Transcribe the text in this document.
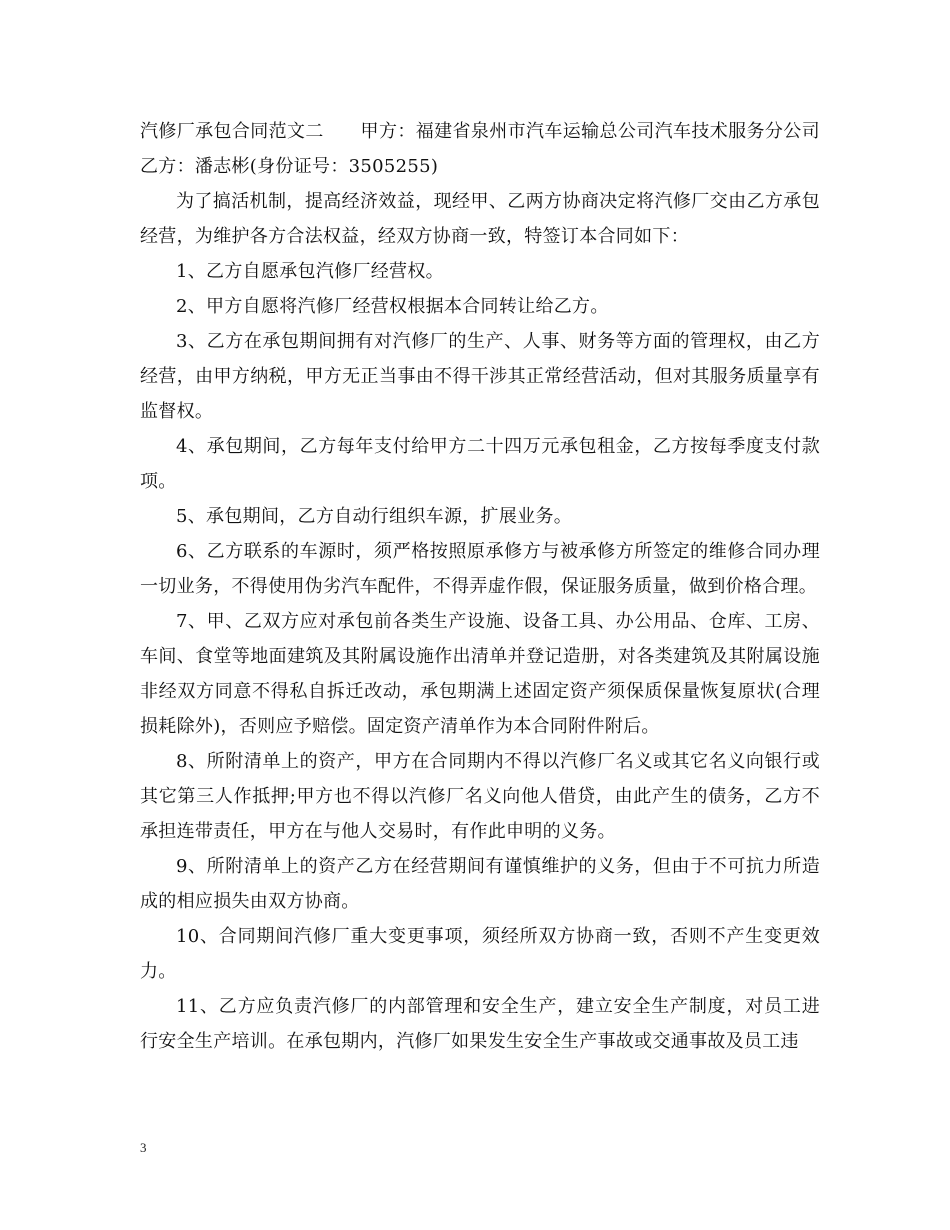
汽修厂承包合同范文二　　甲方：福建省泉州市汽车运输总公司汽车技术服务分公司 乙方：潘志彬(身份证号：3505255)

为了搞活机制，提高经济效益，现经甲、乙两方协商决定将汽修厂交由乙方承包经营，为维护各方合法权益，经双方协商一致，特签订本合同如下：

1、乙方自愿承包汽修厂经营权。

2、甲方自愿将汽修厂经营权根据本合同转让给乙方。

3、乙方在承包期间拥有对汽修厂的生产、人事、财务等方面的管理权，由乙方经营，由甲方纳税，甲方无正当事由不得干涉其正常经营活动，但对其服务质量享有监督权。

4、承包期间，乙方每年支付给甲方二十四万元承包租金，乙方按每季度支付款项。

5、承包期间，乙方自动行组织车源，扩展业务。

6、乙方联系的车源时，须严格按照原承修方与被承修方所签定的维修合同办理一切业务，不得使用伪劣汽车配件，不得弄虚作假，保证服务质量，做到价格合理。

7、甲、乙双方应对承包前各类生产设施、设备工具、办公用品、仓库、工房、车间、食堂等地面建筑及其附属设施作出清单并登记造册，对各类建筑及其附属设施非经双方同意不得私自拆迁改动，承包期满上述固定资产须保质保量恢复原状(合理损耗除外)，否则应予赔偿。固定资产清单作为本合同附件附后。

8、所附清单上的资产，甲方在合同期内不得以汽修厂名义或其它名义向银行或其它第三人作抵押;甲方也不得以汽修厂名义向他人借贷，由此产生的债务，乙方不承担连带责任，甲方在与他人交易时，有作此申明的义务。

9、所附清单上的资产乙方在经营期间有谨慎维护的义务，但由于不可抗力所造成的相应损失由双方协商。

10、合同期间汽修厂重大变更事项，须经所双方协商一致，否则不产生变更效力。

11、乙方应负责汽修厂的内部管理和安全生产，建立安全生产制度，对员工进行安全生产培训。在承包期内，汽修厂如果发生安全生产事故或交通事故及员工违

3
